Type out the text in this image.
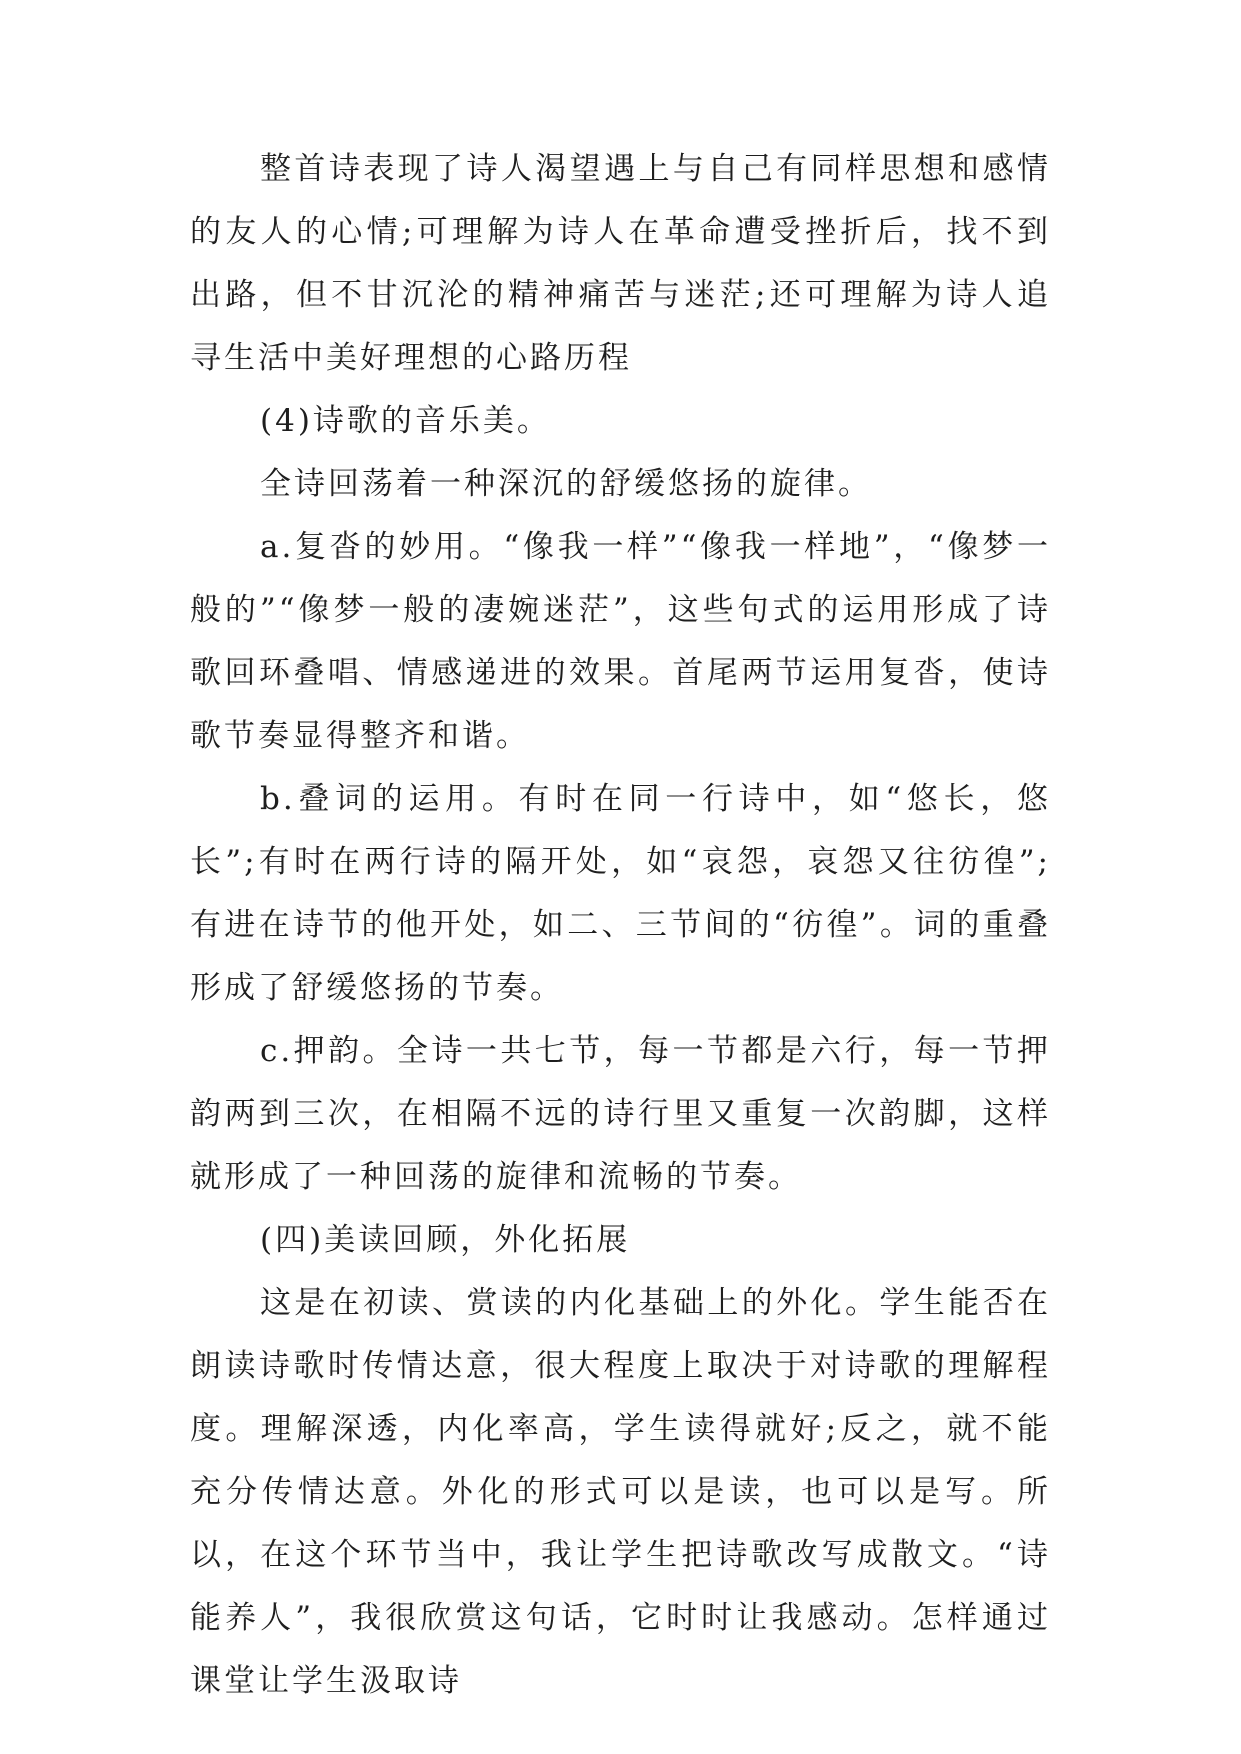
整首诗表现了诗人渴望遇上与自己有同样思想和感情的友人的心情;可理解为诗人在革命遭受挫折后，找不到出路，但不甘沉沦的精神痛苦与迷茫;还可理解为诗人追寻生活中美好理想的心路历程

(4)诗歌的音乐美。

全诗回荡着一种深沉的舒缓悠扬的旋律。

a.复沓的妙用。“像我一样”“像我一样地”，“像梦一般的”“像梦一般的凄婉迷茫”，这些句式的运用形成了诗歌回环叠唱、情感递进的效果。首尾两节运用复沓，使诗歌节奏显得整齐和谐。

b.叠词的运用。有时在同一行诗中，如“悠长，悠长”;有时在两行诗的隔开处，如“哀怨，哀怨又往彷徨”;有进在诗节的他开处，如二、三节间的“彷徨”。词的重叠形成了舒缓悠扬的节奏。

c.押韵。全诗一共七节，每一节都是六行，每一节押韵两到三次，在相隔不远的诗行里又重复一次韵脚，这样就形成了一种回荡的旋律和流畅的节奏。

(四)美读回顾，外化拓展

这是在初读、赏读的内化基础上的外化。学生能否在朗读诗歌时传情达意，很大程度上取决于对诗歌的理解程度。理解深透，内化率高，学生读得就好;反之，就不能充分传情达意。外化的形式可以是读，也可以是写。所以，在这个环节当中，我让学生把诗歌改写成散文。“诗能养人”，我很欣赏这句话，它时时让我感动。怎样通过课堂让学生汲取诗
